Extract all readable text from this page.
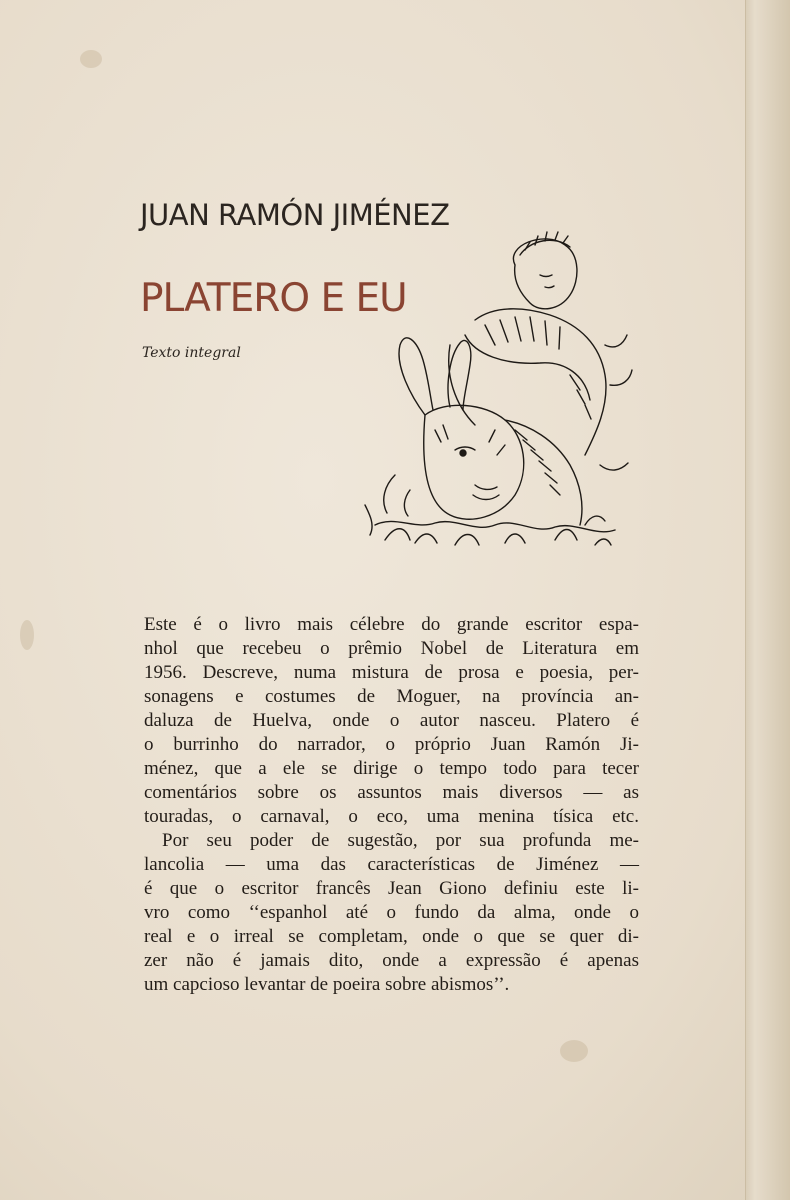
JUAN RAMÓN JIMÉNEZ
PLATERO E EU
Texto integral
Este é o livro mais célebre do grande escritor espa-
nhol que recebeu o prêmio Nobel de Literatura em
1956. Descreve, numa mistura de prosa e poesia, per-
sonagens e costumes de Moguer, na província an-
daluza de Huelva, onde o autor nasceu. Platero é
o burrinho do narrador, o próprio Juan Ramón Ji-
ménez, que a ele se dirige o tempo todo para tecer
comentários sobre os assuntos mais diversos — as
touradas, o carnaval, o eco, uma menina tísica etc.
Por seu poder de sugestão, por sua profunda me-
lancolia — uma das características de Jiménez —
é que o escritor francês Jean Giono definiu este li-
vro como ‘‘espanhol até o fundo da alma, onde o
real e o irreal se completam, onde o que se quer di-
zer não é jamais dito, onde a expressão é apenas
um capcioso levantar de poeira sobre abismos’’.
